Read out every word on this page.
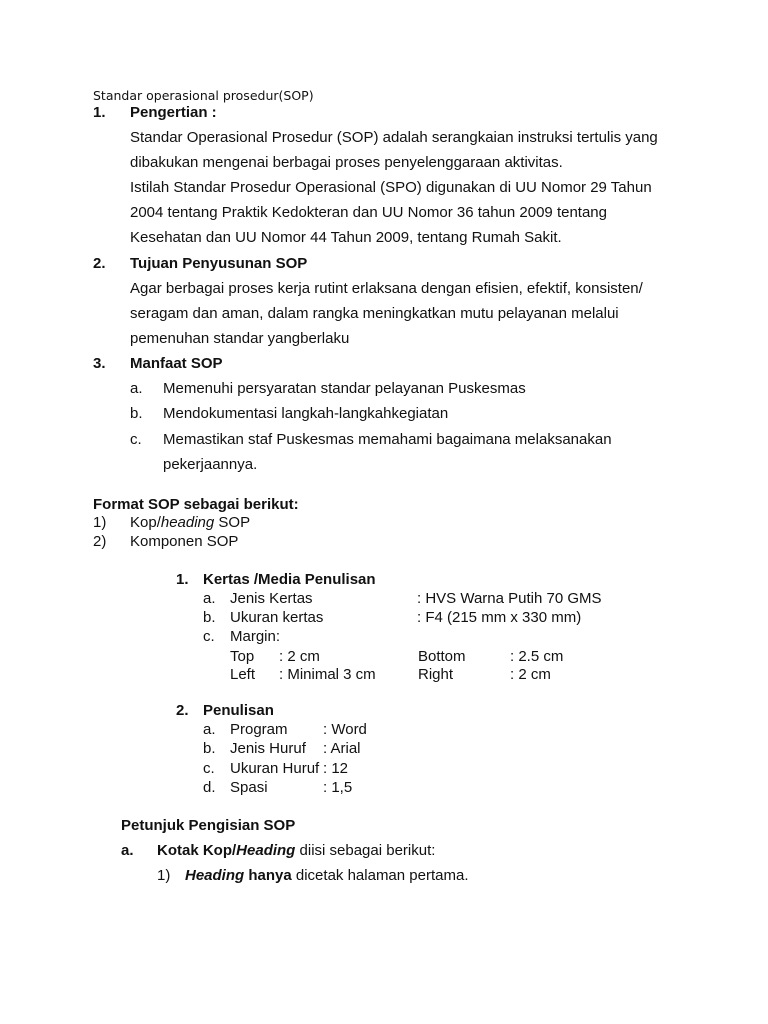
Standar operasional prosedur(SOP)
1. Pengertian :
Standar Operasional Prosedur (SOP) adalah serangkaian instruksi tertulis yang
dibakukan mengenai berbagai proses penyelenggaraan aktivitas.
Istilah Standar Prosedur Operasional (SPO) digunakan di UU Nomor 29 Tahun
2004 tentang Praktik Kedokteran dan UU Nomor 36 tahun 2009 tentang
Kesehatan dan UU Nomor 44 Tahun 2009, tentang Rumah Sakit.
2. Tujuan Penyusunan SOP
Agar berbagai proses kerja rutint erlaksana dengan efisien, efektif, konsisten/
seragam dan aman, dalam rangka meningkatkan mutu pelayanan melalui
pemenuhan standar yangberlaku
3. Manfaat SOP
a. Memenuhi persyaratan standar pelayanan Puskesmas
b. Mendokumentasi langkah-langkahkegiatan
c. Memastikan staf Puskesmas memahami bagaimana melaksanakan
pekerjaannya.
Format SOP sebagai berikut:
1) Kop/heading SOP
2) Komponen SOP
1. Kertas /Media Penulisan
a. Jenis Kertas	: HVS Warna Putih 70 GMS
b. Ukuran kertas	: F4 (215 mm x 330 mm)
c. Margin:
Top : 2 cm	Bottom	: 2.5 cm
Left : Minimal 3 cm	Right	: 2 cm
2. Penulisan
a. Program : Word
b. Jenis Huruf : Arial
c. Ukuran Huruf : 12
d. Spasi	: 1,5
Petunjuk Pengisian SOP
a. Kotak Kop/Heading diisi sebagai berikut:
1) Heading hanya dicetak halaman pertama.
